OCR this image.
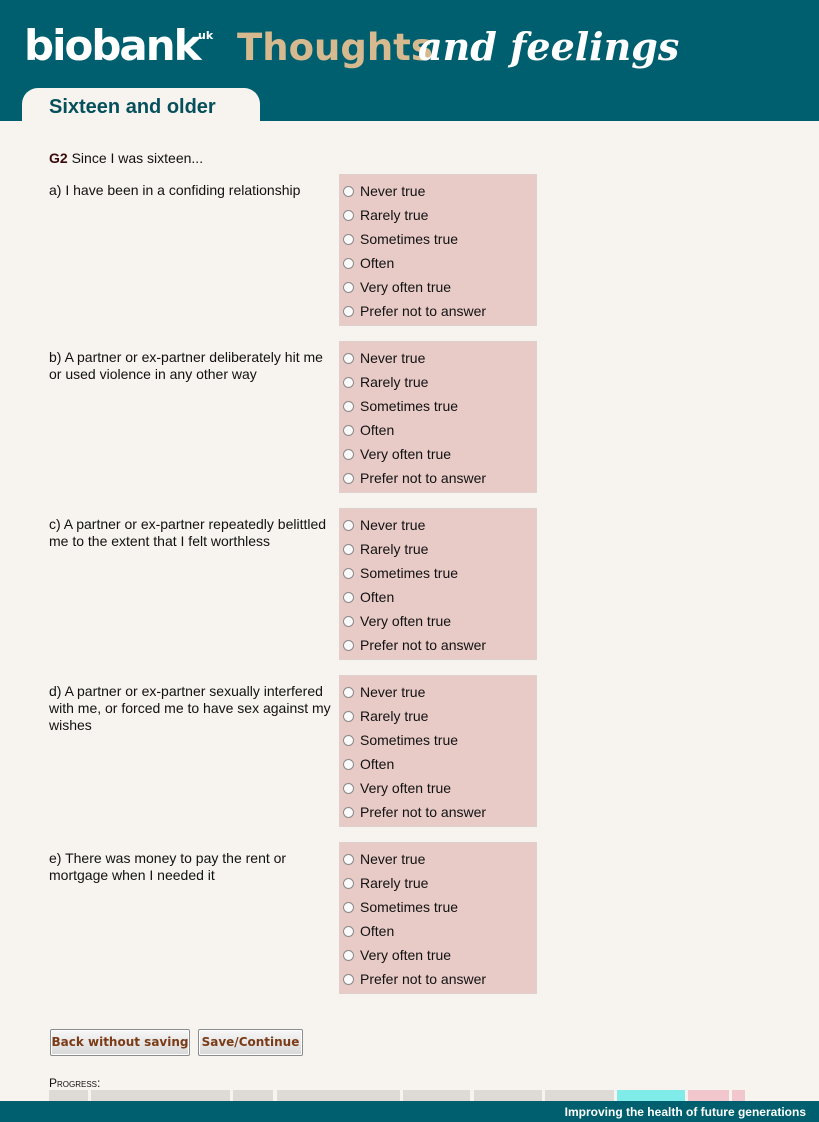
biobank
uk Thoughts
and feelings
Sixteen and older
G2 Since I was sixteen...
a) I have been in a confiding relationship	Never true
Rarely true
Sometimes true
Often
Very often true
Prefer not to answer
b) A partner or ex-partner deliberately hit me or used violence in any other way
Never true
Rarely true
Sometimes true
Often
Very often true
Prefer not to answer
c) A partner or ex-partner repeatedly belittled me to the extent that I felt worthless
Never true
Rarely true
Sometimes true
Often
Very often true
Prefer not to answer
d) A partner or ex-partner sexually interfered with me, or forced me to have sex against my wishes
Never true
Rarely true
Sometimes true
Often
Very often true
Prefer not to answer
e) There was money to pay the rent or mortgage when I needed it
Never true
Rarely true
Sometimes true
Often
Very often true
Prefer not to answer
Back without saving	Save/Continue
Progress:
Improving the health of future generations
